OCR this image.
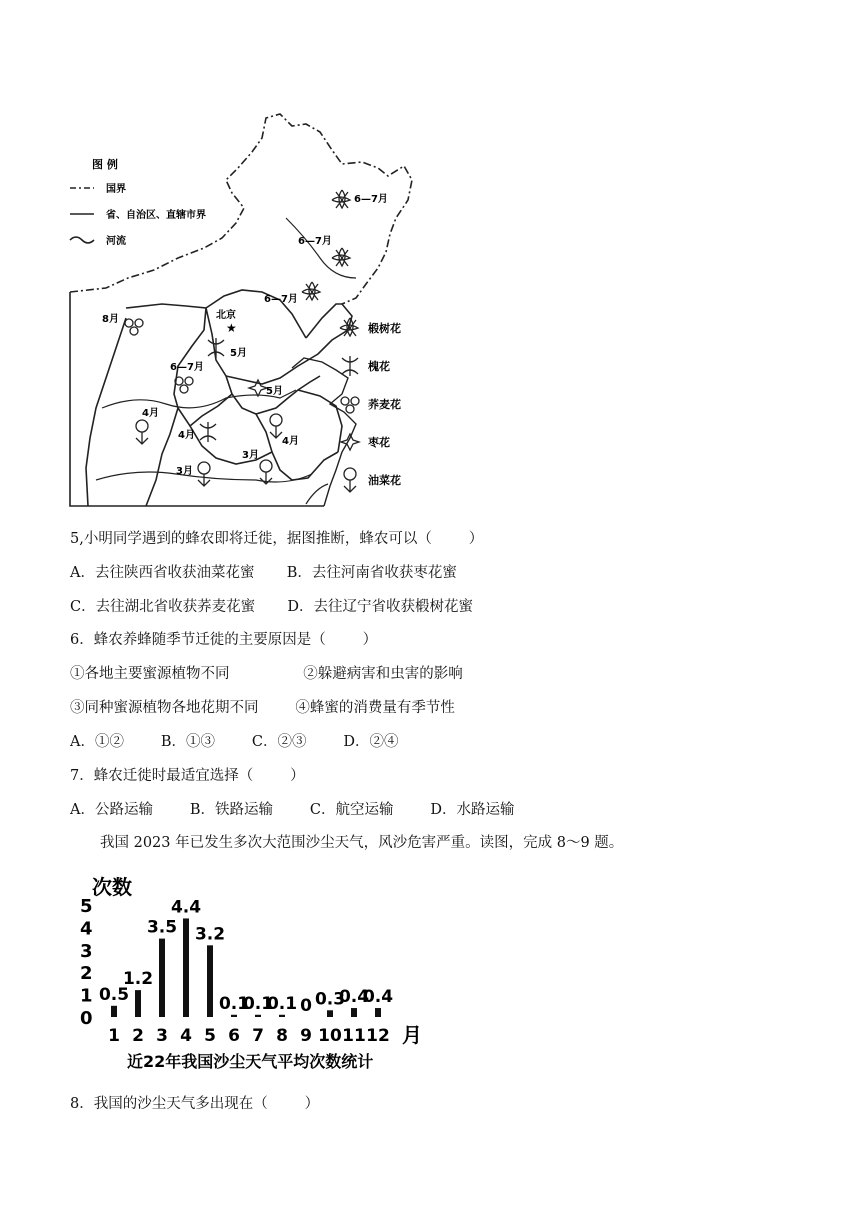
图 例
国界
省、自治区、直辖市界
河流
北京
★
6—7月
6—7月
6—7月
8月
6—7月
5月
5月
4月
4月
4月
3月
3月
椴树花
槐花
荞麦花
枣花
油菜花
5,小明同学遇到的蜂农即将迁徙，据图推断，蜂农可以（        ）
A．去往陕西省收获油菜花蜜       B．去往河南省收获枣花蜜
C．去往湖北省收获荞麦花蜜       D．去往辽宁省收获椴树花蜜
6．蜂农养蜂随季节迁徙的主要原因是（        ）
①各地主要蜜源植物不同                ②躲避病害和虫害的影响
③同种蜜源植物各地花期不同        ④蜂蜜的消费量有季节性
A．①②        B．①③        C．②③        D．②④
7．蜂农迁徙时最适宜选择（        ）
A．公路运输        B．铁路运输        C．航空运输        D．水路运输
我国 2023 年已发生多次大范围沙尘天气，风沙危害严重。读图，完成 8～9 题。
次数
0
1
2
3
4
5
0.5
1.2
3.5
4.4
3.2
0.1
0.1
0.1 0 0.3
0.4
0.4
1 2 3 4 5 6 7 8 9 10 11 12 月
近22年我国沙尘天气平均次数统计
8．我国的沙尘天气多出现在（        ）
